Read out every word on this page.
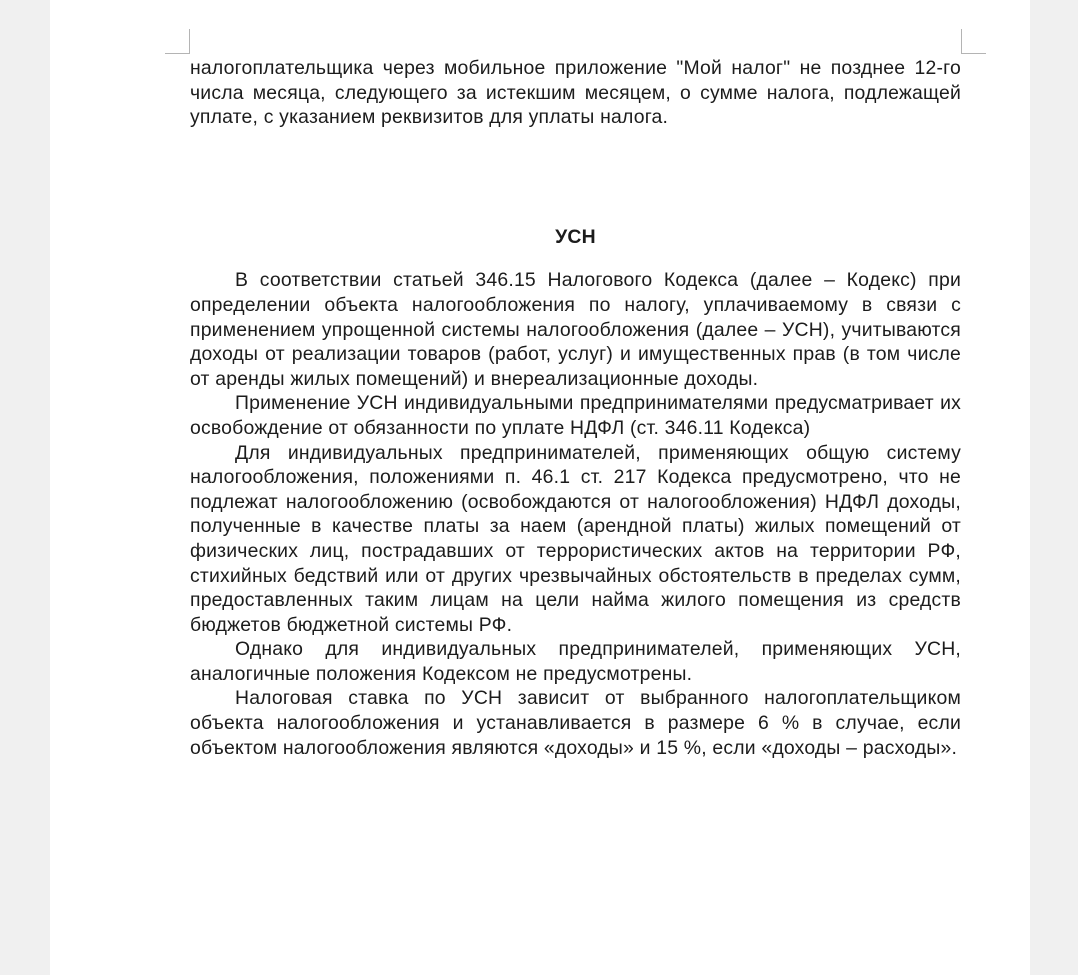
налогоплательщика через мобильное приложение "Мой налог" не позднее 12-го числа месяца, следующего за истекшим месяцем, о сумме налога, подлежащей уплате, с указанием реквизитов для уплаты налога.

УСН

В соответствии статьей 346.15 Налогового Кодекса (далее – Кодекс) при определении объекта налогообложения по налогу, уплачиваемому в связи с применением упрощенной системы налогообложения (далее – УСН), учитываются доходы от реализации товаров (работ, услуг) и имущественных прав (в том числе от аренды жилых помещений) и внереализационные доходы.

Применение УСН индивидуальными предпринимателями предусматривает их освобождение от обязанности по уплате НДФЛ (ст. 346.11 Кодекса)

Для индивидуальных предпринимателей, применяющих общую систему налогообложения, положениями п. 46.1 ст. 217 Кодекса предусмотрено, что не подлежат налогообложению (освобождаются от налогообложения) НДФЛ доходы, полученные в качестве платы за наем (арендной платы) жилых помещений от физических лиц, пострадавших от террористических актов на территории РФ, стихийных бедствий или от других чрезвычайных обстоятельств в пределах сумм, предоставленных таким лицам на цели найма жилого помещения из средств бюджетов бюджетной системы РФ.

Однако для индивидуальных предпринимателей, применяющих УСН, аналогичные положения Кодексом не предусмотрены.

Налоговая ставка по УСН зависит от выбранного налогоплательщиком объекта налогообложения и устанавливается в размере 6 % в случае, если объектом налогообложения являются «доходы» и 15 %, если «доходы – расходы».
